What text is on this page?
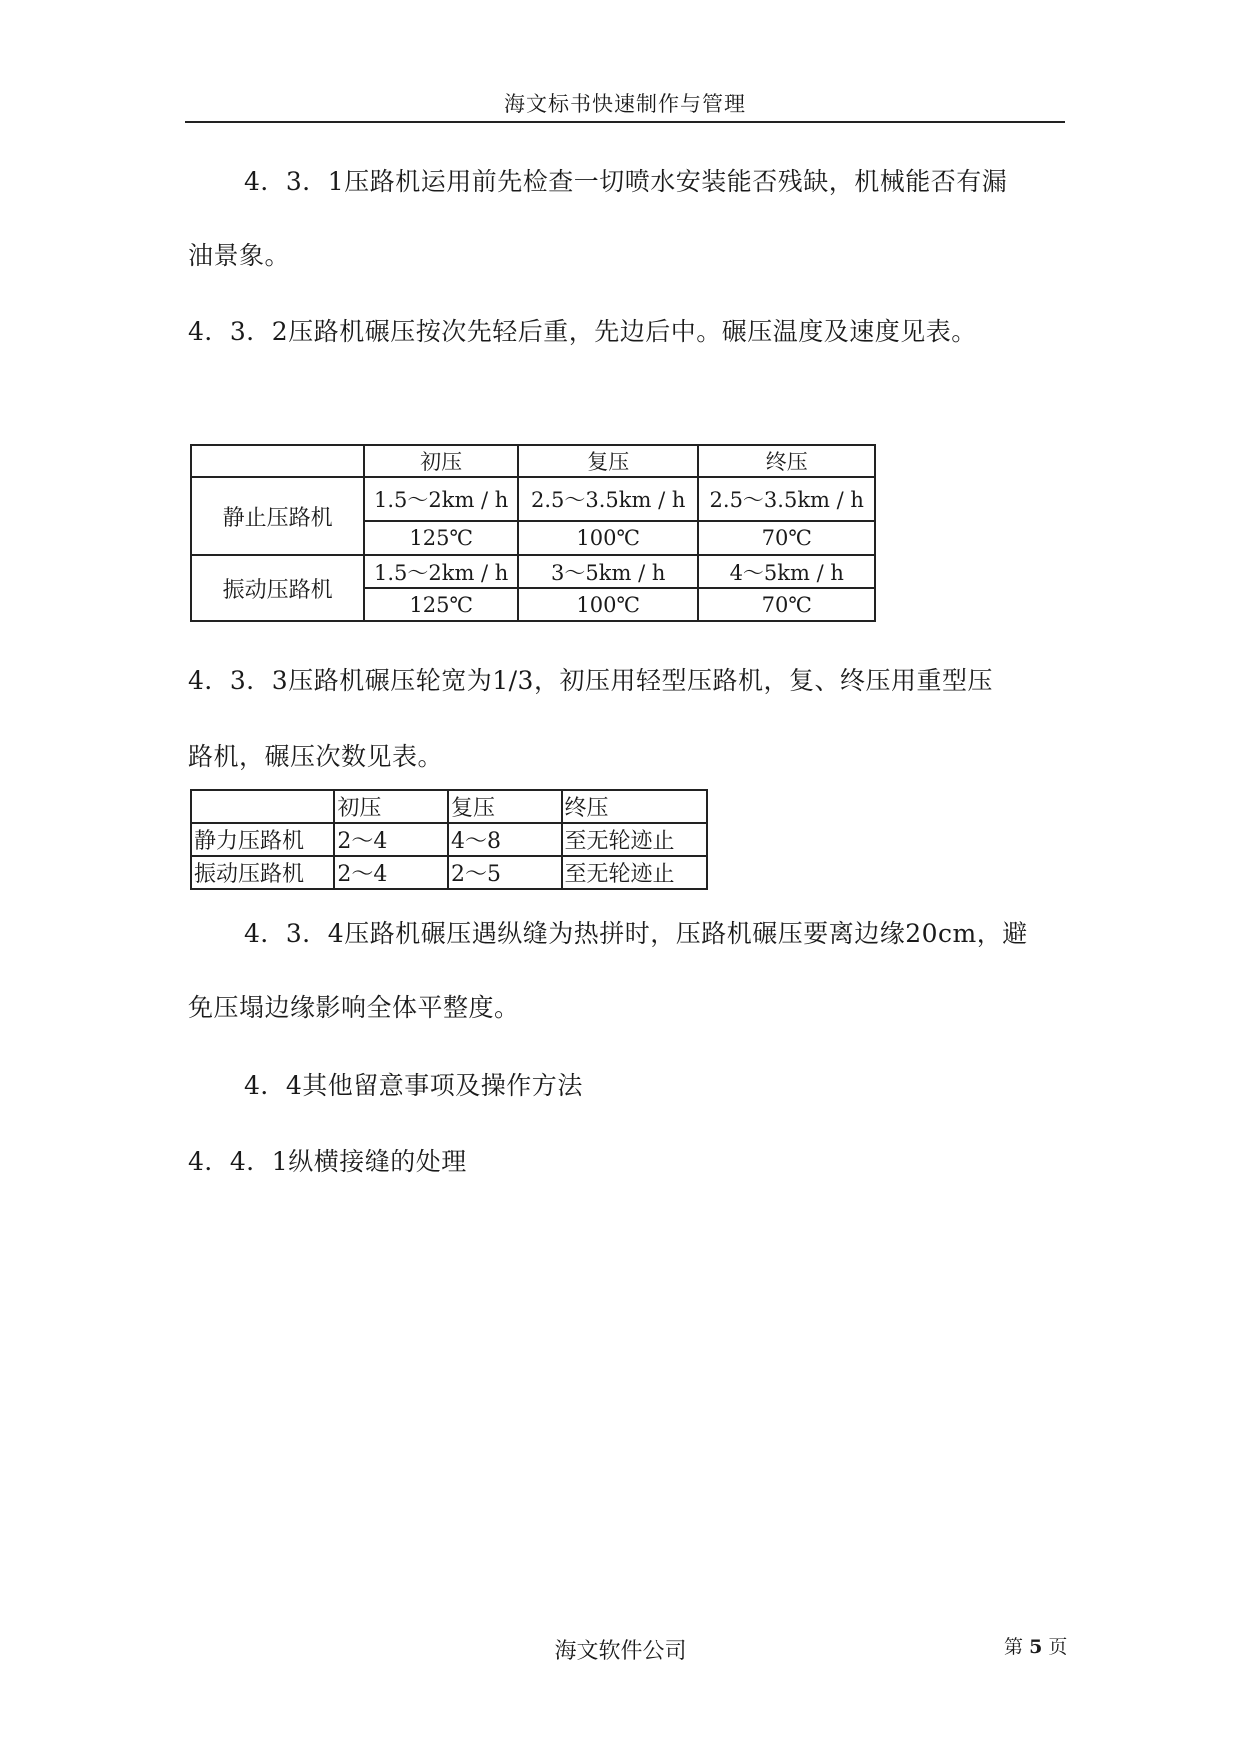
海文标书快速制作与管理
4．3．1压路机运用前先检查一切喷水安装能否残缺，机械能否有漏
油景象。
4．3．2压路机碾压按次先轻后重，先边后中。碾压温度及速度见表。
	初压	复压	终压
静止压路机	1.5～2km / h	2.5～3.5km / h	2.5～3.5km / h
	125℃	100℃	70℃
振动压路机	1.5～2km / h	3～5km / h	4～5km / h
	125℃	100℃	70℃
4．3．3压路机碾压轮宽为1/3，初压用轻型压路机，复、终压用重型压
路机，碾压次数见表。
	初压	复压	终压
静力压路机	2～4	4～8	至无轮迹止
振动压路机	2～4	2～5	至无轮迹止
4．3．4压路机碾压遇纵缝为热拼时，压路机碾压要离边缘20cm，避
免压塌边缘影响全体平整度。
4．4其他留意事项及操作方法
4．4．1纵横接缝的处理
海文软件公司	第 5 页
